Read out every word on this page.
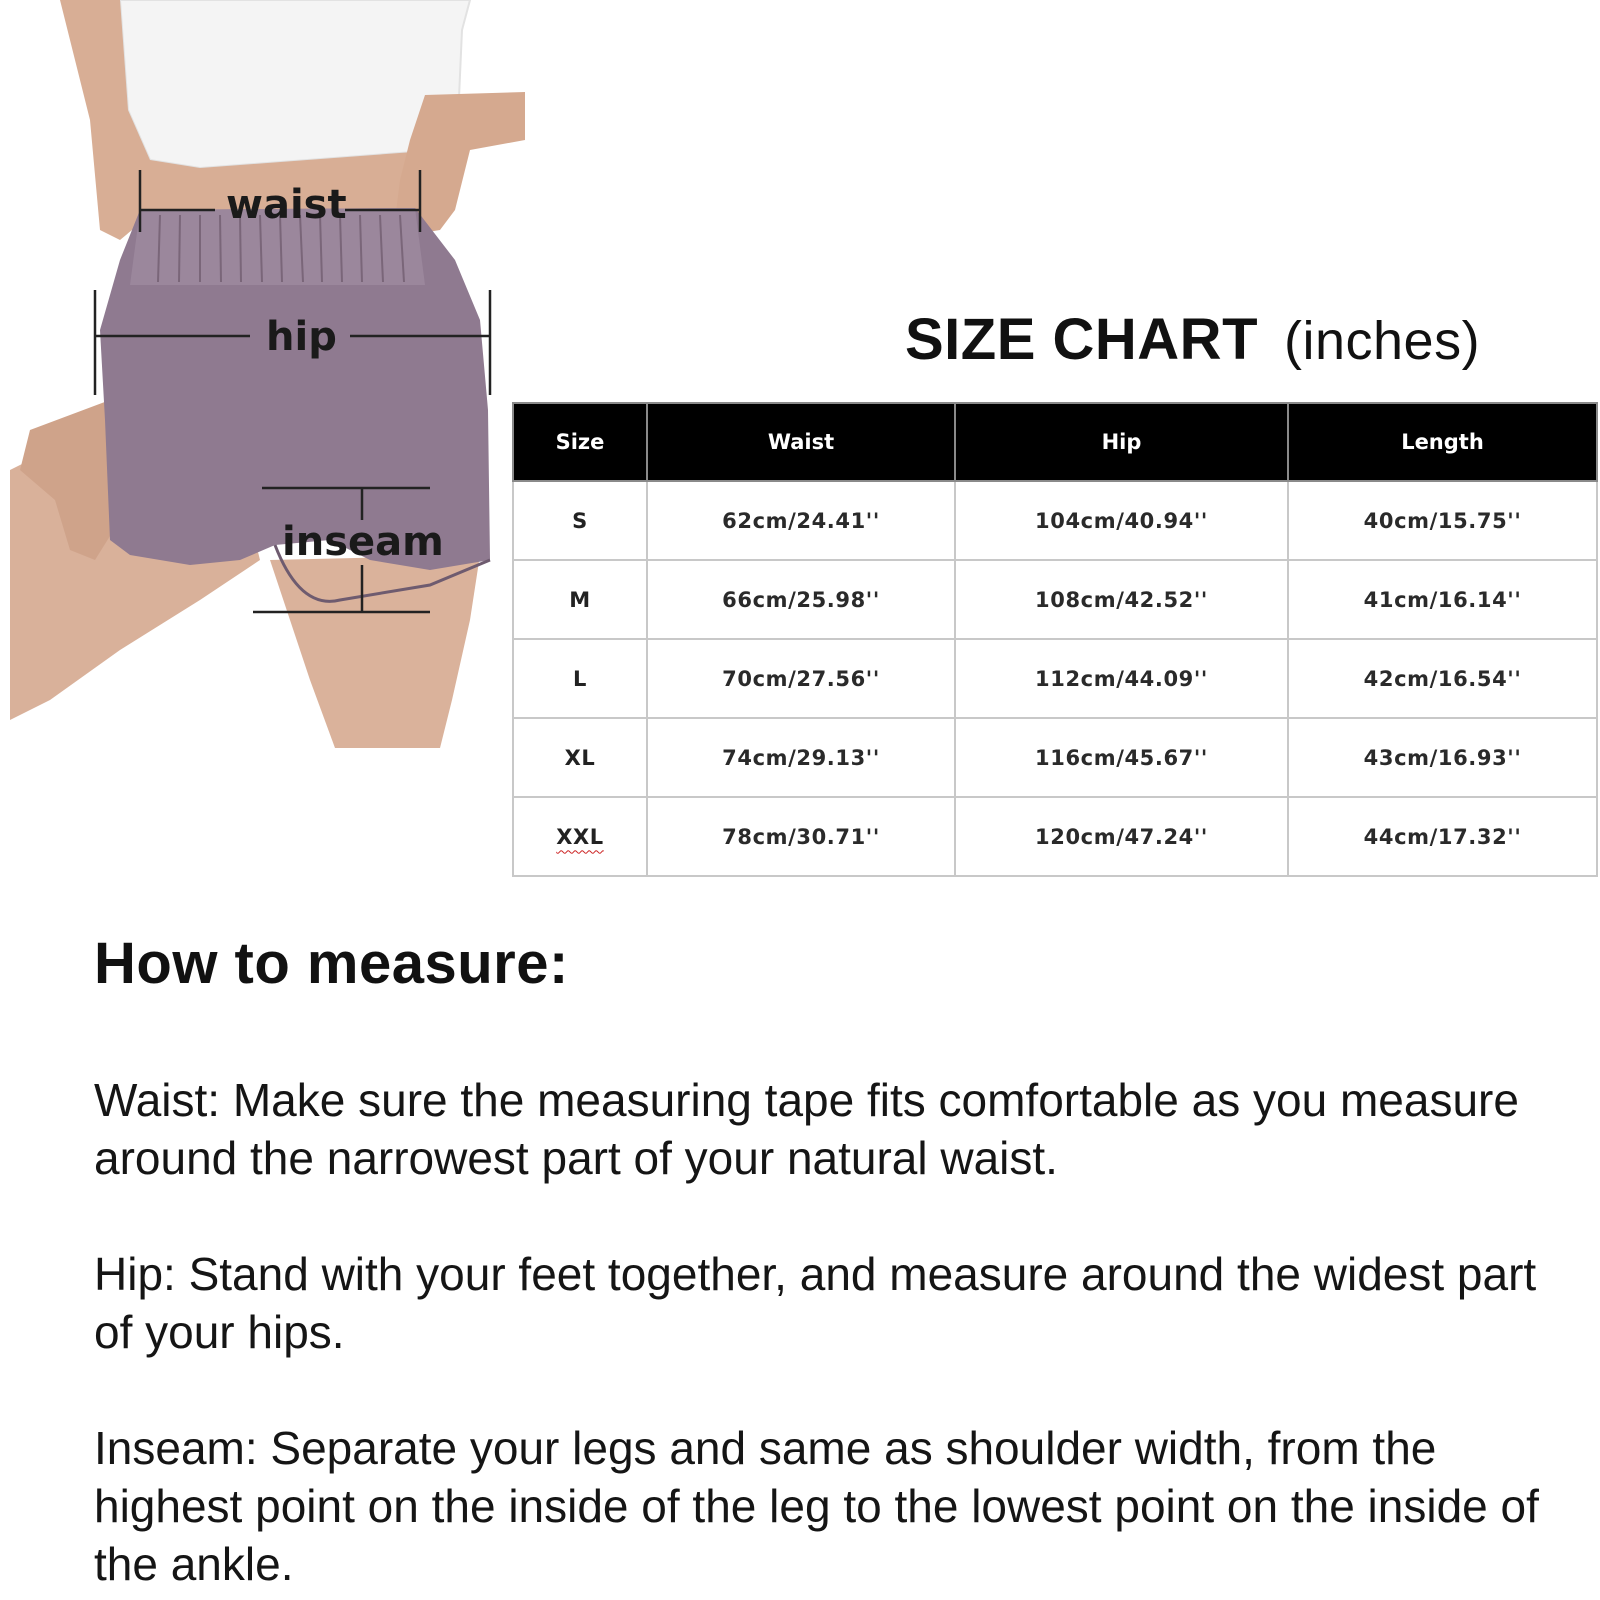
waist
hip
inseam
SIZE CHART (inches)
Size	Waist	Hip	Length
S	62cm/24.41''	104cm/40.94''	40cm/15.75''
M	66cm/25.98''	108cm/42.52''	41cm/16.14''
L	70cm/27.56''	112cm/44.09''	42cm/16.54''
XL	74cm/29.13''	116cm/45.67''	43cm/16.93''
XXL	78cm/30.71''	120cm/47.24''	44cm/17.32''
How to measure:

Waist: Make sure the measuring tape fits comfortable as you measure around the narrowest part of your natural waist.

Hip: Stand with your feet together, and measure around the widest part of your hips.

Inseam: Separate your legs and same as shoulder width, from the highest point on the inside of the leg to the lowest point on the inside of the ankle.
